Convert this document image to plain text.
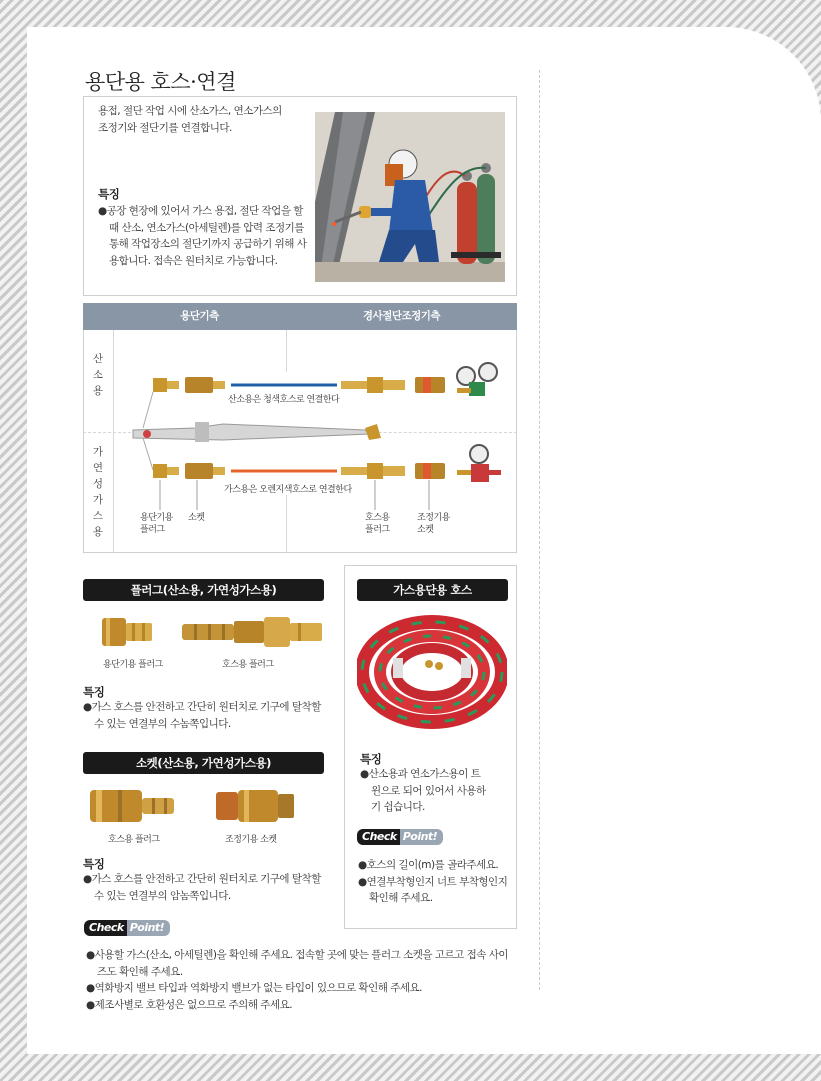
용단용 호스·연결
용접, 절단 작업 시에 산소가스, 연소가스의 조정기와 절단기를 연결합니다.
특징
●공장 현장에 있어서 가스 용접, 절단 작업을 할 때 산소, 연소가스(아세틸렌)를 압력 조정기를 통해 작업장소의 절단기까지 공급하기 위해 사용합니다. 접속은 원터치로 가능합니다.
용단기측	경사절단조정기측
산
소
용
가
연
성
가
스
용
산소용은 청색호스로 연결한다
가스용은 오렌지색호스로 연결한다
용단기용
플러그
소켓	호스용
플러그
조정기용
소켓
플러그(산소용, 가연성가스용)
용단기용 플러그	호스용 플러그
특징
●가스 호스를 안전하고 간단히 원터치로 기구에 탈착할 수 있는 연결부의 수놈쪽입니다.
소켓(산소용, 가연성가스용)
호스용 플러그	조정기용 소켓
특징
●가스 호스를 안전하고 간단히 원터치로 기구에 탈착할 수 있는 연결부의 암놈쪽입니다.
가스용단용 호스
특징
●산소용과 연소가스용이 트윈으로 되어 있어서 사용하기 쉽습니다.
Check Point!
●호스의 길이(m)를 골라주세요.
●연결부착형인지 너트 부착형인지 확인해 주세요.
Check Point!
●사용할 가스(산소, 아세틸렌)을 확인해 주세요. 접속할 곳에 맞는 플러그 소켓을 고르고 접속 사이즈도 확인해 주세요.
●역화방지 밸브 타입과 역화방지 밸브가 없는 타입이 있으므로 확인해 주세요.
●제조사별로 호환성은 없으므로 주의해 주세요.
